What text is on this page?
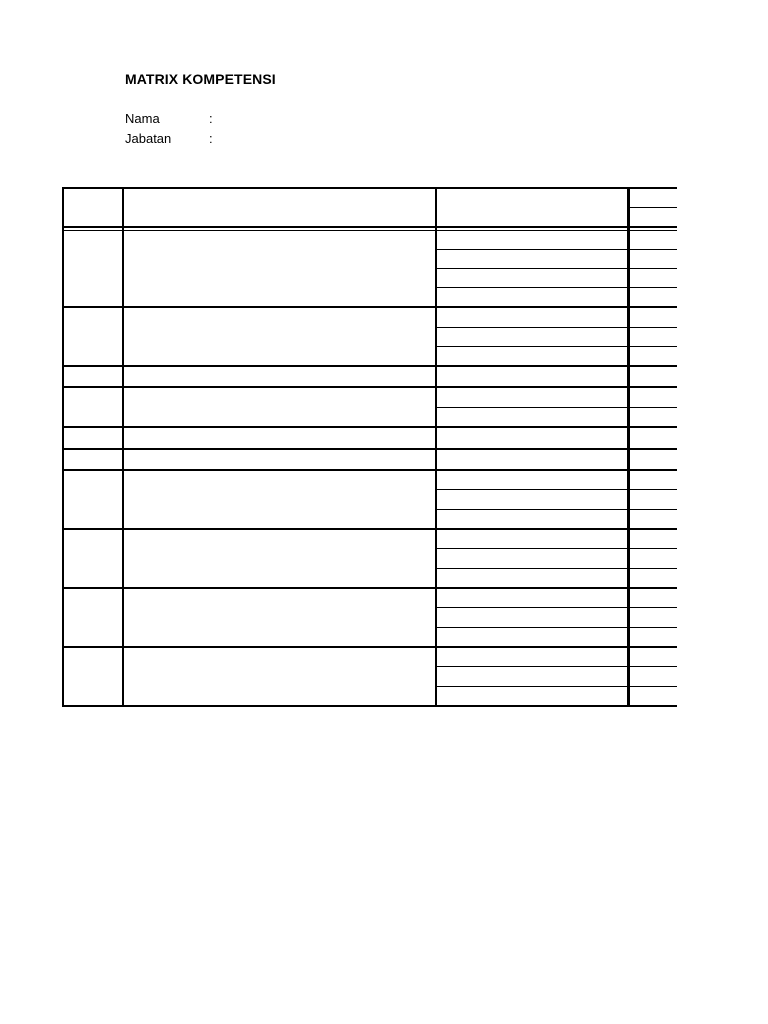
MATRIX KOMPETENSI
Nama	:
Jabatan	:
